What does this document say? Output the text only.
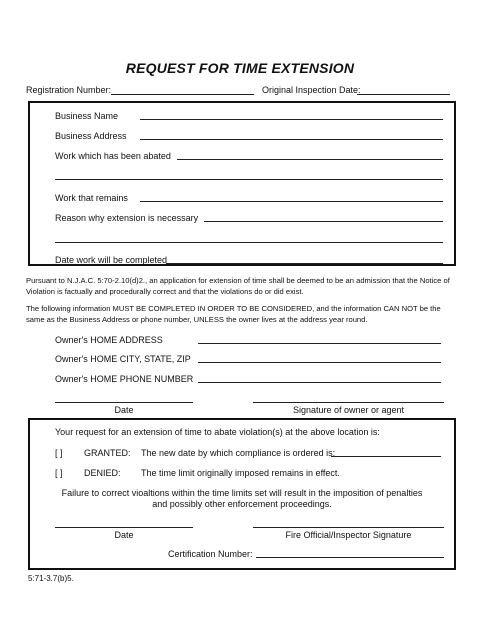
REQUEST FOR TIME EXTENSION
Registration Number:	Original Inspection Date:
Business Name
Business Address
Work which has been abated
Work that remains
Reason why extension is necessary
Date work will be completed
Pursuant to N.J.A.C. 5:70-2.10(d)2., an application for extension of time shall be deemed to be an admission that the Notice of Violation is factually and procedurally correct and that the violations do or did exist.
The following information MUST BE COMPLETED IN ORDER TO BE CONSIDERED, and the information CAN NOT be the same as the Business Address or phone number, UNLESS the owner lives at the address year round.
Owner's HOME ADDRESS
Owner's HOME CITY, STATE, ZIP
Owner's HOME PHONE NUMBER
Date	Signature of owner or agent
Your request for an extension of time to abate violation(s) at the above location is:
[ ] GRANTED: The new date by which compliance is ordered is:
[ ] DENIED: The time limit originally imposed remains in effect.
Failure to correct vioaltions within the time limits set will result in the imposition of penalties
and possibly other enforcement proceedings.
Date	Fire Official/Inspector Signature
Certification Number:
5:71-3.7(b)5.
